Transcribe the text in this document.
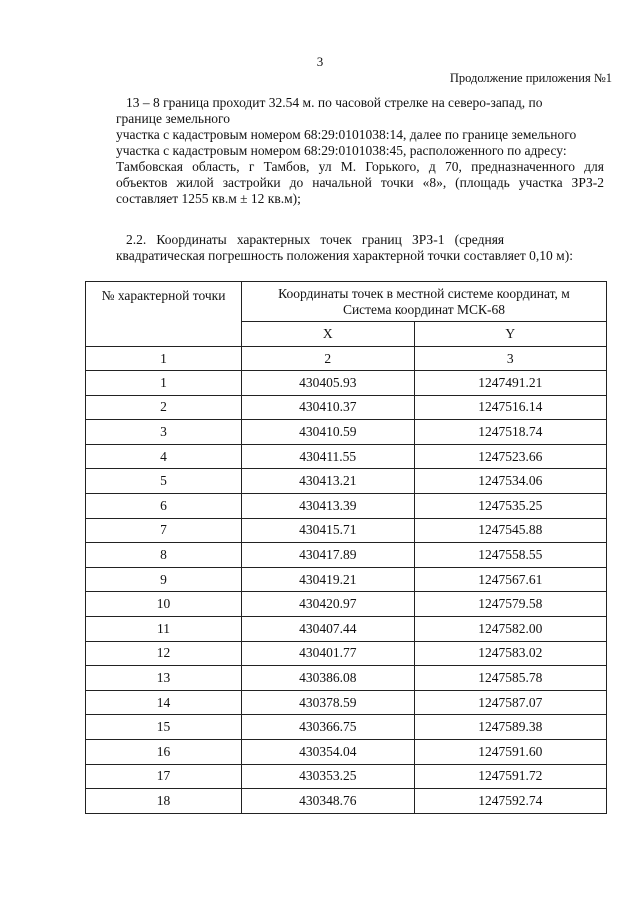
3
Продолжение приложения №1

13 – 8 граница проходит 32.54 м. по часовой стрелке на северо-запад, по

границе земельного

участка с кадастровым номером 68:29:0101038:14, далее по границе земельного

участка с кадастровым номером 68:29:0101038:45, расположенного по адресу:

Тамбовская область, г Тамбов, ул М. Горького, д 70, предназначенного для

объектов жилой застройки до начальной точки «8», (площадь участка ЗРЗ-2

составляет 1255 кв.м ± 12 кв.м);

2.2.   Координаты   характерных   точек   границ   ЗРЗ-1   (средняя

квадратическая погрешность положения характерной точки составляет 0,10 м):

№ характерной точки	Координаты точек в местной системе координат, м
Система координат МСК-68	

	X	Y
1	2	3
1	430405.93	1247491.21
2	430410.37	1247516.14
3	430410.59	1247518.74
4	430411.55	1247523.66
5	430413.21	1247534.06
6	430413.39	1247535.25
7	430415.71	1247545.88
8	430417.89	1247558.55
9	430419.21	1247567.61
10	430420.97	1247579.58
11	430407.44	1247582.00
12	430401.77	1247583.02
13	430386.08	1247585.78
14	430378.59	1247587.07
15	430366.75	1247589.38
16	430354.04	1247591.60
17	430353.25	1247591.72
18	430348.76	1247592.74
